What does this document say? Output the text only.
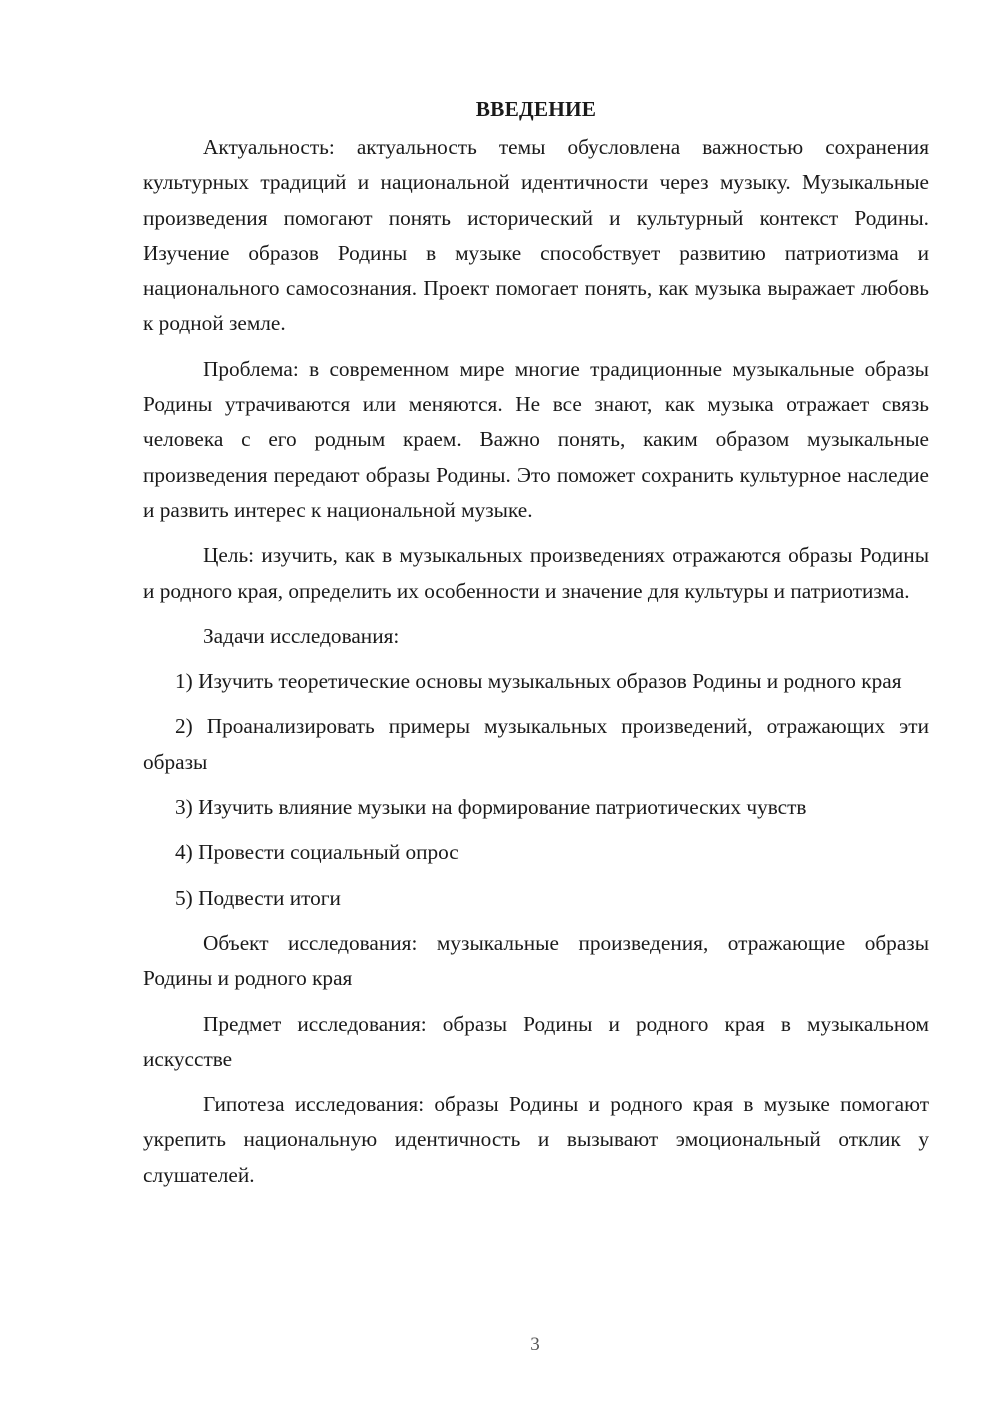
ВВЕДЕНИЕ

Актуальность: актуальность темы обусловлена важностью сохранения культурных традиций и национальной идентичности через музыку. Музыкальные произведения помогают понять исторический и культурный контекст Родины. Изучение образов Родины в музыке способствует развитию патриотизма и национального самосознания. Проект помогает понять, как музыка выражает любовь к родной земле.

Проблема: в современном мире многие традиционные музыкальные образы Родины утрачиваются или меняются. Не все знают, как музыка отражает связь человека с его родным краем. Важно понять, каким образом музыкальные произведения передают образы Родины. Это поможет сохранить культурное наследие и развить интерес к национальной музыке.

Цель: изучить, как в музыкальных произведениях отражаются образы Родины и родного края, определить их особенности и значение для культуры и патриотизма.

Задачи исследования:

1) Изучить теоретические основы музыкальных образов Родины и родного края

2) Проанализировать примеры музыкальных произведений, отражающих эти образы

3) Изучить влияние музыки на формирование патриотических чувств

4) Провести социальный опрос

5) Подвести итоги

Объект исследования: музыкальные произведения, отражающие образы Родины и родного края

Предмет исследования: образы Родины и родного края в музыкальном искусстве

Гипотеза исследования: образы Родины и родного края в музыке помогают укрепить национальную идентичность и вызывают эмоциональный отклик у слушателей.

3
